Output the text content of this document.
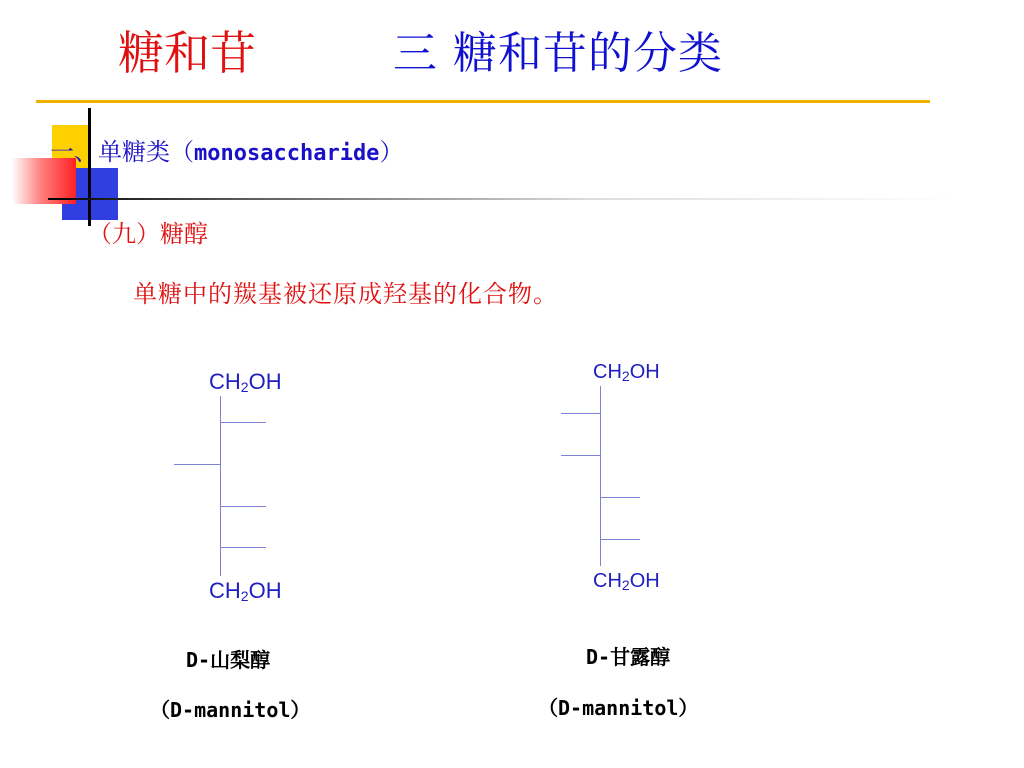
糖和苷	三 糖和苷的分类
一、单糖类（monosaccharide）
（九）糖醇
单糖中的羰基被还原成羟基的化合物。
$CH_2OH$
$CH_2OH$
D-山梨醇
（D-mannitol）
$CH_2OH$
$CH_2OH$
D-甘露醇
（D-mannitol）
